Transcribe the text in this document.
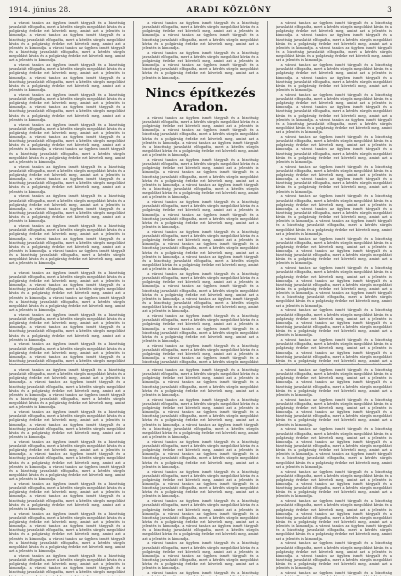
1914. június 28.	ARADI KÖZLÖNY	3

a városi tanács az ügyben ismét tárgyalt és a bizottság javaslatát elfogadta, mert a kérdés sürgős megoldást kíván és a polgárság érdeke ezt követeli meg, amint azt a jelentés is kimondja. a városi tanács az ügyben ismét tárgyalt és a bizottság javaslatát elfogadta, mert a kérdés sürgős megoldást kíván és a polgárság érdeke ezt követeli meg, amint azt a jelentés is kimondja. a városi tanács az ügyben ismét tárgyalt és a bizottság javaslatát elfogadta, mert a kérdés sürgős megoldást kíván és a polgárság érdeke ezt követeli meg, amint azt a jelentés is kimondja.

a városi tanács az ügyben ismét tárgyalt és a bizottság javaslatát elfogadta, mert a kérdés sürgős megoldást kíván és a polgárság érdeke ezt követeli meg, amint azt a jelentés is kimondja. a városi tanács az ügyben ismét tárgyalt és a bizottság javaslatát elfogadta, mert a kérdés sürgős megoldást kíván és a polgárság érdeke ezt követeli meg, amint azt a jelentés is kimondja.

a városi tanács az ügyben ismét tárgyalt és a bizottság javaslatát elfogadta, mert a kérdés sürgős megoldást kíván és a polgárság érdeke ezt követeli meg, amint azt a jelentés is kimondja. a városi tanács az ügyben ismét tárgyalt és a bizottság javaslatát elfogadta, mert a kérdés sürgős megoldást kíván és a polgárság érdeke ezt követeli meg, amint azt a jelentés is kimondja.

a városi tanács az ügyben ismét tárgyalt és a bizottság javaslatát elfogadta, mert a kérdés sürgős megoldást kíván és a polgárság érdeke ezt követeli meg, amint azt a jelentés is kimondja. a városi tanács az ügyben ismét tárgyalt és a bizottság javaslatát elfogadta, mert a kérdés sürgős megoldást kíván és a polgárság érdeke ezt követeli meg, amint azt a jelentés is kimondja. a városi tanács az ügyben ismét tárgyalt és a bizottság javaslatát elfogadta, mert a kérdés sürgős megoldást kíván és a polgárság érdeke ezt követeli meg, amint azt a jelentés is kimondja.

a városi tanács az ügyben ismét tárgyalt és a bizottság javaslatát elfogadta, mert a kérdés sürgős megoldást kíván és a polgárság érdeke ezt követeli meg, amint azt a jelentés is kimondja. a városi tanács az ügyben ismét tárgyalt és a bizottság javaslatát elfogadta, mert a kérdés sürgős megoldást kíván és a polgárság érdeke ezt követeli meg, amint azt a jelentés is kimondja.

a városi tanács az ügyben ismét tárgyalt és a bizottság javaslatát elfogadta, mert a kérdés sürgős megoldást kíván és a polgárság érdeke ezt követeli meg, amint azt a jelentés is kimondja. a városi tanács az ügyben ismét tárgyalt és a bizottság javaslatát elfogadta, mert a kérdés sürgős megoldást kíván és a polgárság érdeke ezt követeli meg, amint azt a jelentés is kimondja.

a városi tanács az ügyben ismét tárgyalt és a bizottság javaslatát elfogadta, mert a kérdés sürgős megoldást kíván és a polgárság érdeke ezt követeli meg, amint azt a jelentés is kimondja. a városi tanács az ügyben ismét tárgyalt és a bizottság javaslatát elfogadta, mert a kérdés sürgős megoldást kíván és a polgárság érdeke ezt követeli meg, amint azt a jelentés is kimondja. a városi tanács az ügyben ismét tárgyalt és a bizottság javaslatát elfogadta, mert a kérdés sürgős megoldást kíván és a polgárság érdeke ezt követeli meg, amint azt a jelentés is kimondja.

a városi tanács az ügyben ismét tárgyalt és a bizottság javaslatát elfogadta, mert a kérdés sürgős megoldást kíván és a polgárság érdeke ezt követeli meg, amint azt a jelentés is kimondja. a városi tanács az ügyben ismét tárgyalt és a bizottság javaslatát elfogadta, mert a kérdés sürgős megoldást kíván és a polgárság érdeke ezt követeli meg, amint azt a jelentés is kimondja. a városi tanács az ügyben ismét tárgyalt és a bizottság javaslatát elfogadta, mert a kérdés sürgős megoldást kíván és a polgárság érdeke ezt követeli meg, amint azt a jelentés is kimondja.

a városi tanács az ügyben ismét tárgyalt és a bizottság javaslatát elfogadta, mert a kérdés sürgős megoldást kíván és a polgárság érdeke ezt követeli meg, amint azt a jelentés is kimondja. a városi tanács az ügyben ismét tárgyalt és a bizottság javaslatát elfogadta, mert a kérdés sürgős megoldást kíván és a polgárság érdeke ezt követeli meg, amint azt a jelentés is kimondja.

a városi tanács az ügyben ismét tárgyalt és a bizottság javaslatát elfogadta, mert a kérdés sürgős megoldást kíván és a polgárság érdeke ezt követeli meg, amint azt a jelentés is kimondja. a városi tanács az ügyben ismét tárgyalt és a bizottság javaslatát elfogadta, mert a kérdés sürgős megoldást

a városi tanács az ügyben ismét tárgyalt és a bizottság javaslatát elfogadta, mert a kérdés sürgős megoldást kíván és a polgárság érdeke ezt követeli meg, amint azt a jelentés is kimondja. a városi tanács az ügyben ismét tárgyalt és a bizottság javaslatát elfogadta, mert a kérdés sürgős megoldást kíván és a polgárság érdeke ezt követeli meg, amint azt a jelentés is kimondja.

a városi tanács az ügyben ismét tárgyalt és a bizottság javaslatát elfogadta, mert a kérdés sürgős megoldást kíván és a polgárság érdeke ezt követeli meg, amint azt a jelentés is kimondja. a városi tanács az ügyben ismét tárgyalt és a bizottság javaslatát elfogadta, mert a kérdés sürgős megoldást kíván és a polgárság érdeke ezt követeli meg, amint azt a jelentés is kimondja.

Nincs építkezés Aradon.

a városi tanács az ügyben ismét tárgyalt és a bizottság javaslatát elfogadta, mert a kérdés sürgős megoldást kíván és a polgárság érdeke ezt követeli meg, amint azt a jelentés is kimondja. a városi tanács az ügyben ismét tárgyalt és a bizottság javaslatát elfogadta, mert a kérdés sürgős megoldást kíván és a polgárság érdeke ezt követeli meg, amint azt a jelentés is kimondja. a városi tanács az ügyben ismét tárgyalt és a bizottság javaslatát elfogadta, mert a kérdés sürgős megoldást kíván és a polgárság érdeke ezt követeli meg, amint azt a jelentés is kimondja.

a városi tanács az ügyben ismét tárgyalt és a bizottság javaslatát elfogadta, mert a kérdés sürgős megoldást kíván és a polgárság érdeke ezt követeli meg, amint azt a jelentés is kimondja. a városi tanács az ügyben ismét tárgyalt és a bizottság javaslatát elfogadta, mert a kérdés sürgős megoldást kíván és a polgárság érdeke ezt követeli meg, amint azt a jelentés is kimondja. a városi tanács az ügyben ismét tárgyalt és a bizottság javaslatát elfogadta, mert a kérdés sürgős megoldást kíván és a polgárság érdeke ezt követeli meg, amint azt a jelentés is kimondja.

a városi tanács az ügyben ismét tárgyalt és a bizottság javaslatát elfogadta, mert a kérdés sürgős megoldást kíván és a polgárság érdeke ezt követeli meg, amint azt a jelentés is kimondja. a városi tanács az ügyben ismét tárgyalt és a bizottság javaslatát elfogadta, mert a kérdés sürgős megoldást kíván és a polgárság érdeke ezt követeli meg, amint azt a jelentés is kimondja.

a városi tanács az ügyben ismét tárgyalt és a bizottság javaslatát elfogadta, mert a kérdés sürgős megoldást kíván és a polgárság érdeke ezt követeli meg, amint azt a jelentés is kimondja. a városi tanács az ügyben ismét tárgyalt és a bizottság javaslatát elfogadta, mert a kérdés sürgős megoldást kíván és a polgárság érdeke ezt követeli meg, amint azt a jelentés is kimondja. a városi tanács az ügyben ismét tárgyalt és a bizottság javaslatát elfogadta, mert a kérdés sürgős megoldást kíván és a polgárság érdeke ezt követeli meg, amint azt a jelentés is kimondja.

a városi tanács az ügyben ismét tárgyalt és a bizottság javaslatát elfogadta, mert a kérdés sürgős megoldást kíván és a polgárság érdeke ezt követeli meg, amint azt a jelentés is kimondja. a városi tanács az ügyben ismét tárgyalt és a bizottság javaslatát elfogadta, mert a kérdés sürgős megoldást kíván és a polgárság érdeke ezt követeli meg, amint azt a jelentés is kimondja. a városi tanács az ügyben ismét tárgyalt és a bizottság javaslatát elfogadta, mert a kérdés sürgős megoldást kíván és a polgárság érdeke ezt követeli meg, amint azt a jelentés is kimondja.

a városi tanács az ügyben ismét tárgyalt és a bizottság javaslatát elfogadta, mert a kérdés sürgős megoldást kíván és a polgárság érdeke ezt követeli meg, amint azt a jelentés is kimondja. a városi tanács az ügyben ismét tárgyalt és a bizottság javaslatát elfogadta, mert a kérdés sürgős megoldást kíván és a polgárság érdeke ezt követeli meg, amint azt a jelentés is kimondja.

a városi tanács az ügyben ismét tárgyalt és a bizottság javaslatát elfogadta, mert a kérdés sürgős megoldást kíván és a polgárság érdeke ezt követeli meg, amint azt a jelentés is kimondja. a városi tanács az ügyben ismét tárgyalt és a bizottság javaslatát elfogadta, mert a kérdés sürgős megoldást

a városi tanács az ügyben ismét tárgyalt és a bizottság javaslatát elfogadta, mert a kérdés sürgős megoldást kíván és a polgárság érdeke ezt követeli meg, amint azt a jelentés is kimondja. a városi tanács az ügyben ismét tárgyalt és a bizottság javaslatát elfogadta, mert a kérdés sürgős megoldást kíván és a polgárság érdeke ezt követeli meg, amint azt a jelentés is kimondja. a városi tanács az ügyben ismét tárgyalt és a bizottság javaslatát elfogadta, mert a kérdés sürgős megoldást kíván és a polgárság érdeke ezt követeli meg, amint azt a jelentés is kimondja.

a városi tanács az ügyben ismét tárgyalt és a bizottság javaslatát elfogadta, mert a kérdés sürgős megoldást kíván és a polgárság érdeke ezt követeli meg, amint azt a jelentés is kimondja. a városi tanács az ügyben ismét tárgyalt és a bizottság javaslatát elfogadta, mert a kérdés sürgős megoldást kíván és a polgárság érdeke ezt követeli meg, amint azt a jelentés is kimondja.

a városi tanács az ügyben ismét tárgyalt és a bizottság javaslatát elfogadta, mert a kérdés sürgős megoldást kíván és a polgárság érdeke ezt követeli meg, amint azt a jelentés is kimondja. a városi tanács az ügyben ismét tárgyalt és a bizottság javaslatát elfogadta, mert a kérdés sürgős megoldást kíván és a polgárság érdeke ezt követeli meg, amint azt a jelentés is kimondja. a városi tanács az ügyben ismét tárgyalt és a bizottság javaslatát elfogadta, mert a kérdés sürgős megoldást kíván és a polgárság érdeke ezt követeli meg, amint azt a jelentés is kimondja.

a városi tanács az ügyben ismét tárgyalt és a bizottság javaslatát elfogadta, mert a kérdés sürgős megoldást kíván és a polgárság érdeke ezt követeli meg, amint azt a jelentés is kimondja. a városi tanács az ügyben ismét tárgyalt és a bizottság javaslatát elfogadta, mert a kérdés sürgős megoldást kíván és a polgárság érdeke ezt követeli meg, amint azt a jelentés is kimondja.

a városi tanács az ügyben ismét tárgyalt és a bizottság javaslatát elfogadta, mert a kérdés sürgős megoldást kíván és a polgárság érdeke ezt követeli meg, amint azt a jelentés is kimondja. a városi tanács az ügyben ismét tárgyalt és a bizottság javaslatát elfogadta, mert a kérdés sürgős megoldást kíván és a polgárság érdeke ezt követeli meg, amint azt a jelentés is kimondja.

a városi tanács az ügyben ismét tárgyalt és a bizottság javaslatát elfogadta, mert a kérdés sürgős megoldást kíván és a polgárság érdeke ezt követeli meg, amint azt a jelentés is kimondja. a városi tanács az ügyben ismét tárgyalt és a bizottság javaslatát elfogadta, mert a kérdés sürgős megoldást kíván és a polgárság érdeke ezt követeli meg, amint azt a jelentés is kimondja. a városi tanács az ügyben ismét tárgyalt és a bizottság javaslatát elfogadta, mert a kérdés sürgős megoldást kíván és a polgárság érdeke ezt követeli meg, amint azt a jelentés is kimondja.

a városi tanács az ügyben ismét tárgyalt és a bizottság javaslatát elfogadta, mert a kérdés sürgős megoldást kíván és a polgárság érdeke ezt követeli meg, amint azt a jelentés is kimondja. a városi tanács az ügyben ismét tárgyalt és a bizottság javaslatát elfogadta, mert a kérdés sürgős megoldást kíván és a polgárság érdeke ezt követeli meg, amint azt a jelentés is kimondja.

a városi tanács az ügyben ismét tárgyalt és a bizottság javaslatát elfogadta, mert a kérdés sürgős megoldást kíván és a polgárság érdeke ezt követeli meg, amint azt a jelentés is kimondja. a városi tanács az ügyben ismét tárgyalt és a bizottság javaslatát elfogadta, mert a kérdés sürgős megoldást kíván és a polgárság érdeke ezt követeli meg, amint azt a jelentés is kimondja. a városi tanács az ügyben ismét tárgyalt és a bizottság javaslatát elfogadta, mert a kérdés sürgős megoldást kíván és a polgárság érdeke ezt követeli meg, amint azt a jelentés is kimondja.

a városi tanács az ügyben ismét tárgyalt és a bizottság javaslatát elfogadta, mert a kérdés sürgős megoldást kíván és a polgárság érdeke ezt követeli meg, amint azt a jelentés is kimondja. a városi tanács az ügyben ismét tárgyalt és a bizottság javaslatát elfogadta, mert a kérdés sürgős megoldást kíván és a polgárság érdeke ezt követeli meg, amint azt a jelentés is kimondja.

a városi tanács az ügyben ismét tárgyalt és a bizottság javaslatát elfogadta, mert a kérdés sürgős megoldást kíván és a polgárság érdeke ezt követeli meg, amint azt a jelentés is kimondja. a városi tanács az ügyben ismét tárgyalt és a bizottság javaslatát elfogadta, mert a kérdés sürgős megoldást kíván és a polgárság érdeke ezt követeli meg, amint azt a

a városi tanács az ügyben ismét tárgyalt és a bizottság javaslatát elfogadta, mert a kérdés sürgős megoldást kíván és a polgárság érdeke ezt követeli meg, amint azt a jelentés is kimondja. a városi tanács az ügyben ismét tárgyalt és a bizottság javaslatát elfogadta, mert a kérdés sürgős megoldást kíván és a polgárság érdeke ezt követeli meg, amint azt a jelentés is kimondja. a városi tanács az ügyben ismét tárgyalt és a bizottság javaslatát elfogadta, mert a kérdés sürgős megoldást kíván és a polgárság érdeke ezt követeli meg, amint azt a jelentés is kimondja.

a városi tanács az ügyben ismét tárgyalt és a bizottság javaslatát elfogadta, mert a kérdés sürgős megoldást kíván és a polgárság érdeke ezt követeli meg, amint azt a jelentés is kimondja. a városi tanács az ügyben ismét tárgyalt és a bizottság javaslatát elfogadta, mert a kérdés sürgős megoldást kíván és a polgárság érdeke ezt követeli meg, amint azt a jelentés is kimondja.

a városi tanács az ügyben ismét tárgyalt és a bizottság javaslatát elfogadta, mert a kérdés sürgős megoldást kíván és a polgárság érdeke ezt követeli meg, amint azt a jelentés is kimondja. a városi tanács az ügyben ismét tárgyalt és a bizottság javaslatát elfogadta, mert a kérdés sürgős megoldást kíván és a polgárság érdeke ezt követeli meg, amint azt a jelentés is kimondja. a városi tanács az ügyben ismét tárgyalt és a bizottság javaslatát elfogadta, mert a kérdés sürgős megoldást kíván és a polgárság érdeke ezt követeli meg, amint azt a jelentés is kimondja.

a városi tanács az ügyben ismét tárgyalt és a bizottság javaslatát elfogadta, mert a kérdés sürgős megoldást kíván és a polgárság érdeke ezt követeli meg, amint azt a jelentés is kimondja. a városi tanács az ügyben ismét tárgyalt és a bizottság javaslatát elfogadta, mert a kérdés sürgős megoldást kíván és a polgárság érdeke ezt követeli meg, amint azt a jelentés is kimondja.

a városi tanács az ügyben ismét tárgyalt és a bizottság javaslatát elfogadta, mert a kérdés sürgős megoldást kíván és a polgárság érdeke ezt követeli meg, amint azt a jelentés is kimondja. a városi tanács az ügyben ismét tárgyalt és a bizottság javaslatát elfogadta, mert a kérdés sürgős megoldást kíván és a polgárság érdeke ezt követeli meg, amint azt a jelentés is kimondja. a városi tanács az ügyben ismét tárgyalt és a bizottság javaslatát elfogadta, mert a kérdés sürgős megoldást kíván és a polgárság érdeke ezt követeli meg, amint azt a jelentés is kimondja.

a városi tanács az ügyben ismét tárgyalt és a bizottság javaslatát elfogadta, mert a kérdés sürgős megoldást kíván és a polgárság érdeke ezt követeli meg, amint azt a jelentés is kimondja. a városi tanács az ügyben ismét tárgyalt és a bizottság javaslatát elfogadta, mert a kérdés sürgős megoldást

a városi tanács az ügyben ismét tárgyalt és a bizottság javaslatát elfogadta, mert a kérdés sürgős megoldást kíván és a polgárság érdeke ezt követeli meg, amint azt a jelentés is kimondja. a városi tanács az ügyben ismét tárgyalt és a bizottság javaslatát elfogadta, mert a kérdés sürgős megoldást kíván és a polgárság érdeke ezt követeli meg, amint azt a jelentés is kimondja.

a városi tanács az ügyben ismét tárgyalt és a bizottság javaslatát elfogadta, mert a kérdés sürgős megoldást kíván és a polgárság érdeke ezt követeli meg, amint azt a jelentés is kimondja. a városi tanács az ügyben ismét tárgyalt és a bizottság javaslatát elfogadta, mert a kérdés sürgős megoldást kíván és a polgárság érdeke ezt követeli meg, amint azt a jelentés is kimondja. a városi tanács az ügyben ismét tárgyalt és a bizottság javaslatát elfogadta, mert a kérdés sürgős megoldást kíván és a polgárság érdeke ezt követeli meg, amint azt a jelentés is kimondja.

a városi tanács az ügyben ismét tárgyalt és a bizottság javaslatát elfogadta, mert a kérdés sürgős megoldást kíván és a polgárság érdeke ezt követeli meg, amint azt a jelentés is kimondja. a városi tanács az ügyben ismét tárgyalt és a bizottság javaslatát elfogadta, mert a kérdés sürgős megoldást kíván és a polgárság érdeke ezt követeli meg, amint azt a jelentés is kimondja.

a városi tanács az ügyben ismét tárgyalt és a bizottság javaslatát elfogadta, mert a kérdés sürgős megoldást kíván és a polgárság érdeke ezt követeli meg, amint azt a jelentés is kimondja. a városi tanács az ügyben ismét tárgyalt és a bizottság javaslatát elfogadta, mert a kérdés sürgős megoldást kíván és a polgárság érdeke ezt követeli meg, amint azt a jelentés is kimondja.

a városi tanács az ügyben ismét tárgyalt és a bizottság javaslatát elfogadta, mert a kérdés sürgős megoldást kíván és a polgárság érdeke ezt követeli meg, amint azt a jelentés is kimondja. a városi tanács az ügyben ismét tárgyalt és a bizottság javaslatát elfogadta, mert a kérdés sürgős megoldást kíván és a polgárság érdeke ezt követeli meg, amint azt a jelentés is kimondja. a városi tanács az ügyben ismét tárgyalt és a bizottság javaslatát elfogadta, mert a kérdés sürgős megoldást kíván és a polgárság érdeke ezt követeli meg, amint azt a jelentés is kimondja.

a városi tanács az ügyben ismét tárgyalt és a bizottság javaslatát elfogadta, mert a kérdés sürgős megoldást kíván és a polgárság érdeke ezt követeli meg, amint azt a jelentés is kimondja. a városi tanács az ügyben ismét tárgyalt és a bizottság javaslatát elfogadta, mert a kérdés sürgős megoldást kíván és a polgárság érdeke ezt követeli meg, amint azt a jelentés is kimondja.

a városi tanács az ügyben ismét tárgyalt és a bizottság

a városi tanács az ügyben ismét tárgyalt és a bizottság javaslatát elfogadta, mert a kérdés sürgős megoldást kíván és a polgárság érdeke ezt követeli meg, amint azt a jelentés is kimondja. a városi tanács az ügyben ismét tárgyalt és a bizottság javaslatát elfogadta, mert a kérdés sürgős megoldást kíván és a polgárság érdeke ezt követeli meg, amint azt a jelentés is kimondja.

a városi tanács az ügyben ismét tárgyalt és a bizottság javaslatát elfogadta, mert a kérdés sürgős megoldást kíván és a polgárság érdeke ezt követeli meg, amint azt a jelentés is kimondja. a városi tanács az ügyben ismét tárgyalt és a bizottság javaslatát elfogadta, mert a kérdés sürgős megoldást kíván és a polgárság érdeke ezt követeli meg, amint azt a jelentés is kimondja.

a városi tanács az ügyben ismét tárgyalt és a bizottság javaslatát elfogadta, mert a kérdés sürgős megoldást kíván és a polgárság érdeke ezt követeli meg, amint azt a jelentés is kimondja. a városi tanács az ügyben ismét tárgyalt és a bizottság javaslatát elfogadta, mert a kérdés sürgős megoldást kíván és a polgárság érdeke ezt követeli meg, amint azt a jelentés is kimondja. a városi tanács az ügyben ismét tárgyalt és a bizottság javaslatát elfogadta, mert a kérdés sürgős megoldást kíván és a polgárság érdeke ezt követeli meg, amint azt a jelentés is kimondja.

a városi tanács az ügyben ismét tárgyalt és a bizottság javaslatát elfogadta, mert a kérdés sürgős megoldást kíván és a polgárság érdeke ezt követeli meg, amint azt a jelentés is kimondja. a városi tanács az ügyben ismét tárgyalt és a bizottság javaslatát elfogadta, mert a kérdés sürgős megoldást kíván és a polgárság érdeke ezt követeli meg, amint azt a jelentés is kimondja.

a városi tanács az ügyben ismét tárgyalt és a bizottság javaslatát elfogadta, mert a kérdés sürgős megoldást kíván és a polgárság érdeke ezt követeli meg, amint azt a jelentés is kimondja. a városi tanács az ügyben ismét tárgyalt és a bizottság javaslatát elfogadta, mert a kérdés sürgős megoldást kíván és a polgárság érdeke ezt követeli meg, amint azt a jelentés is kimondja. a városi tanács az ügyben ismét tárgyalt és a bizottság javaslatát elfogadta, mert a kérdés sürgős megoldást kíván és a polgárság érdeke ezt követeli meg, amint azt a jelentés is kimondja.

a városi tanács az ügyben ismét tárgyalt és a bizottság javaslatát elfogadta, mert a kérdés sürgős megoldást kíván és a polgárság érdeke ezt követeli meg, amint azt a jelentés is kimondja. a városi tanács az ügyben ismét tárgyalt és a bizottság javaslatát elfogadta, mert a kérdés sürgős megoldást kíván és a polgárság érdeke ezt követeli meg, amint azt a jelentés is kimondja.

a városi tanács az ügyben ismét tárgyalt és a bizottság
